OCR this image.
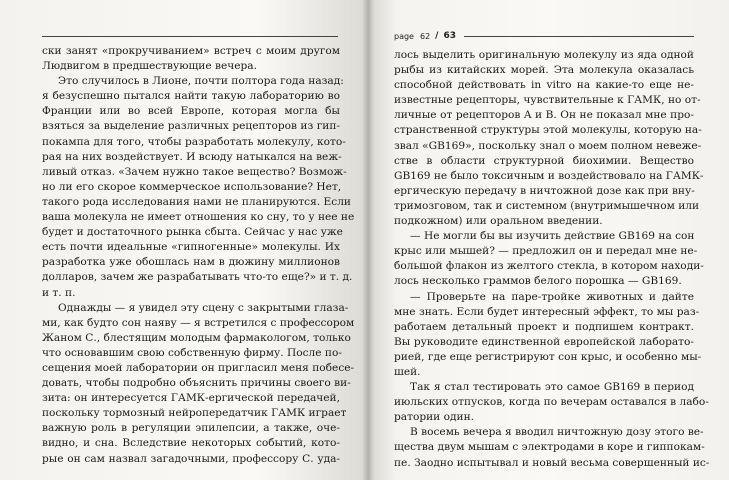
ски занят «прокручиванием» встреч с моим другом
Людвигом в предшествующие вечера.
Это случилось в Лионе, почти полтора года назад:
я безуспешно пытался найти такую лабораторию во
Франции или во всей Европе, которая могла бы
взяться за выделение различных рецепторов из гип-
покампа для того, чтобы разработать молекулу, кото-
рая на них воздействует. И всюду натыкался на веж-
ливый отказ. «Зачем нужно такое вещество? Возмож-
но ли его скорое коммерческое использование? Нет,
такого рода исследования нами не планируются. Если
ваша молекула не имеет отношения ко сну, то у нее не
будет и достаточного рынка сбыта. Сейчас у нас уже
есть почти идеальные «гипногенные» молекулы. Их
разработка уже обошлась нам в дюжину миллионов
долларов, зачем же разрабатывать что-то еще?» и т. д.
и т. п.
Однажды — я увидел эту сцену с закрытыми глаза-
ми, как будто сон наяву — я встретился с профессором
Жаном С., блестящим молодым фармакологом, только
что основавшим свою собственную фирму. После по-
сещения моей лаборатории он пригласил меня побесе-
довать, чтобы подробно объяснить причины своего ви-
зита: он интересуется ГАМК-ергической передачей,
поскольку тормозный нейропередатчик ГАМК играет
важную роль в регуляции эпилепсии, а также, оче-
видно, и сна. Вследствие некоторых событий, кото-
рые он сам назвал загадочными, профессору С. уда-
page 62 / 63
лось выделить оригинальную молекулу из яда одной
рыбы из китайских морей. Эта молекула оказалась
способной действовать in vitro на какие-то еще не-
известные рецепторы, чувствительные к ГАМК, но от-
личные от рецепторов A и B. Он не показал мне про-
странственной структуры этой молекулы, которую на-
звал «GB169», поскольку знал о моем полном невеже-
стве в области структурной биохимии. Вещество
GB169 не было токсичным и воздействовало на ГАМК-
ергическую передачу в ничтожной дозе как при вну-
тримозговом, так и системном (внутримышечном или
подкожном) или оральном введении.
— Не могли бы вы изучить действие GB169 на сон
крыс или мышей? — предложил он и передал мне не-
большой флакон из желтого стекла, в котором находи-
лось несколько граммов белого порошка — GB169.
— Проверьте на паре-тройке животных и дайте
мне знать. Если будет интересный эффект, то мы раз-
работаем детальный проект и подпишем контракт.
Вы руководите единственной европейской лаборато-
рией, где еще регистрируют сон крыс, и особенно мы-
шей.
Так я стал тестировать это самое GB169 в период
июльских отпусков, когда по вечерам оставался в лабо-
ратории один.
В восемь вечера я вводил ничтожную дозу этого ве-
щества двум мышам с электродами в коре и гиппокам-
пе. Заодно испытывал и новый весьма совершенный ис-
